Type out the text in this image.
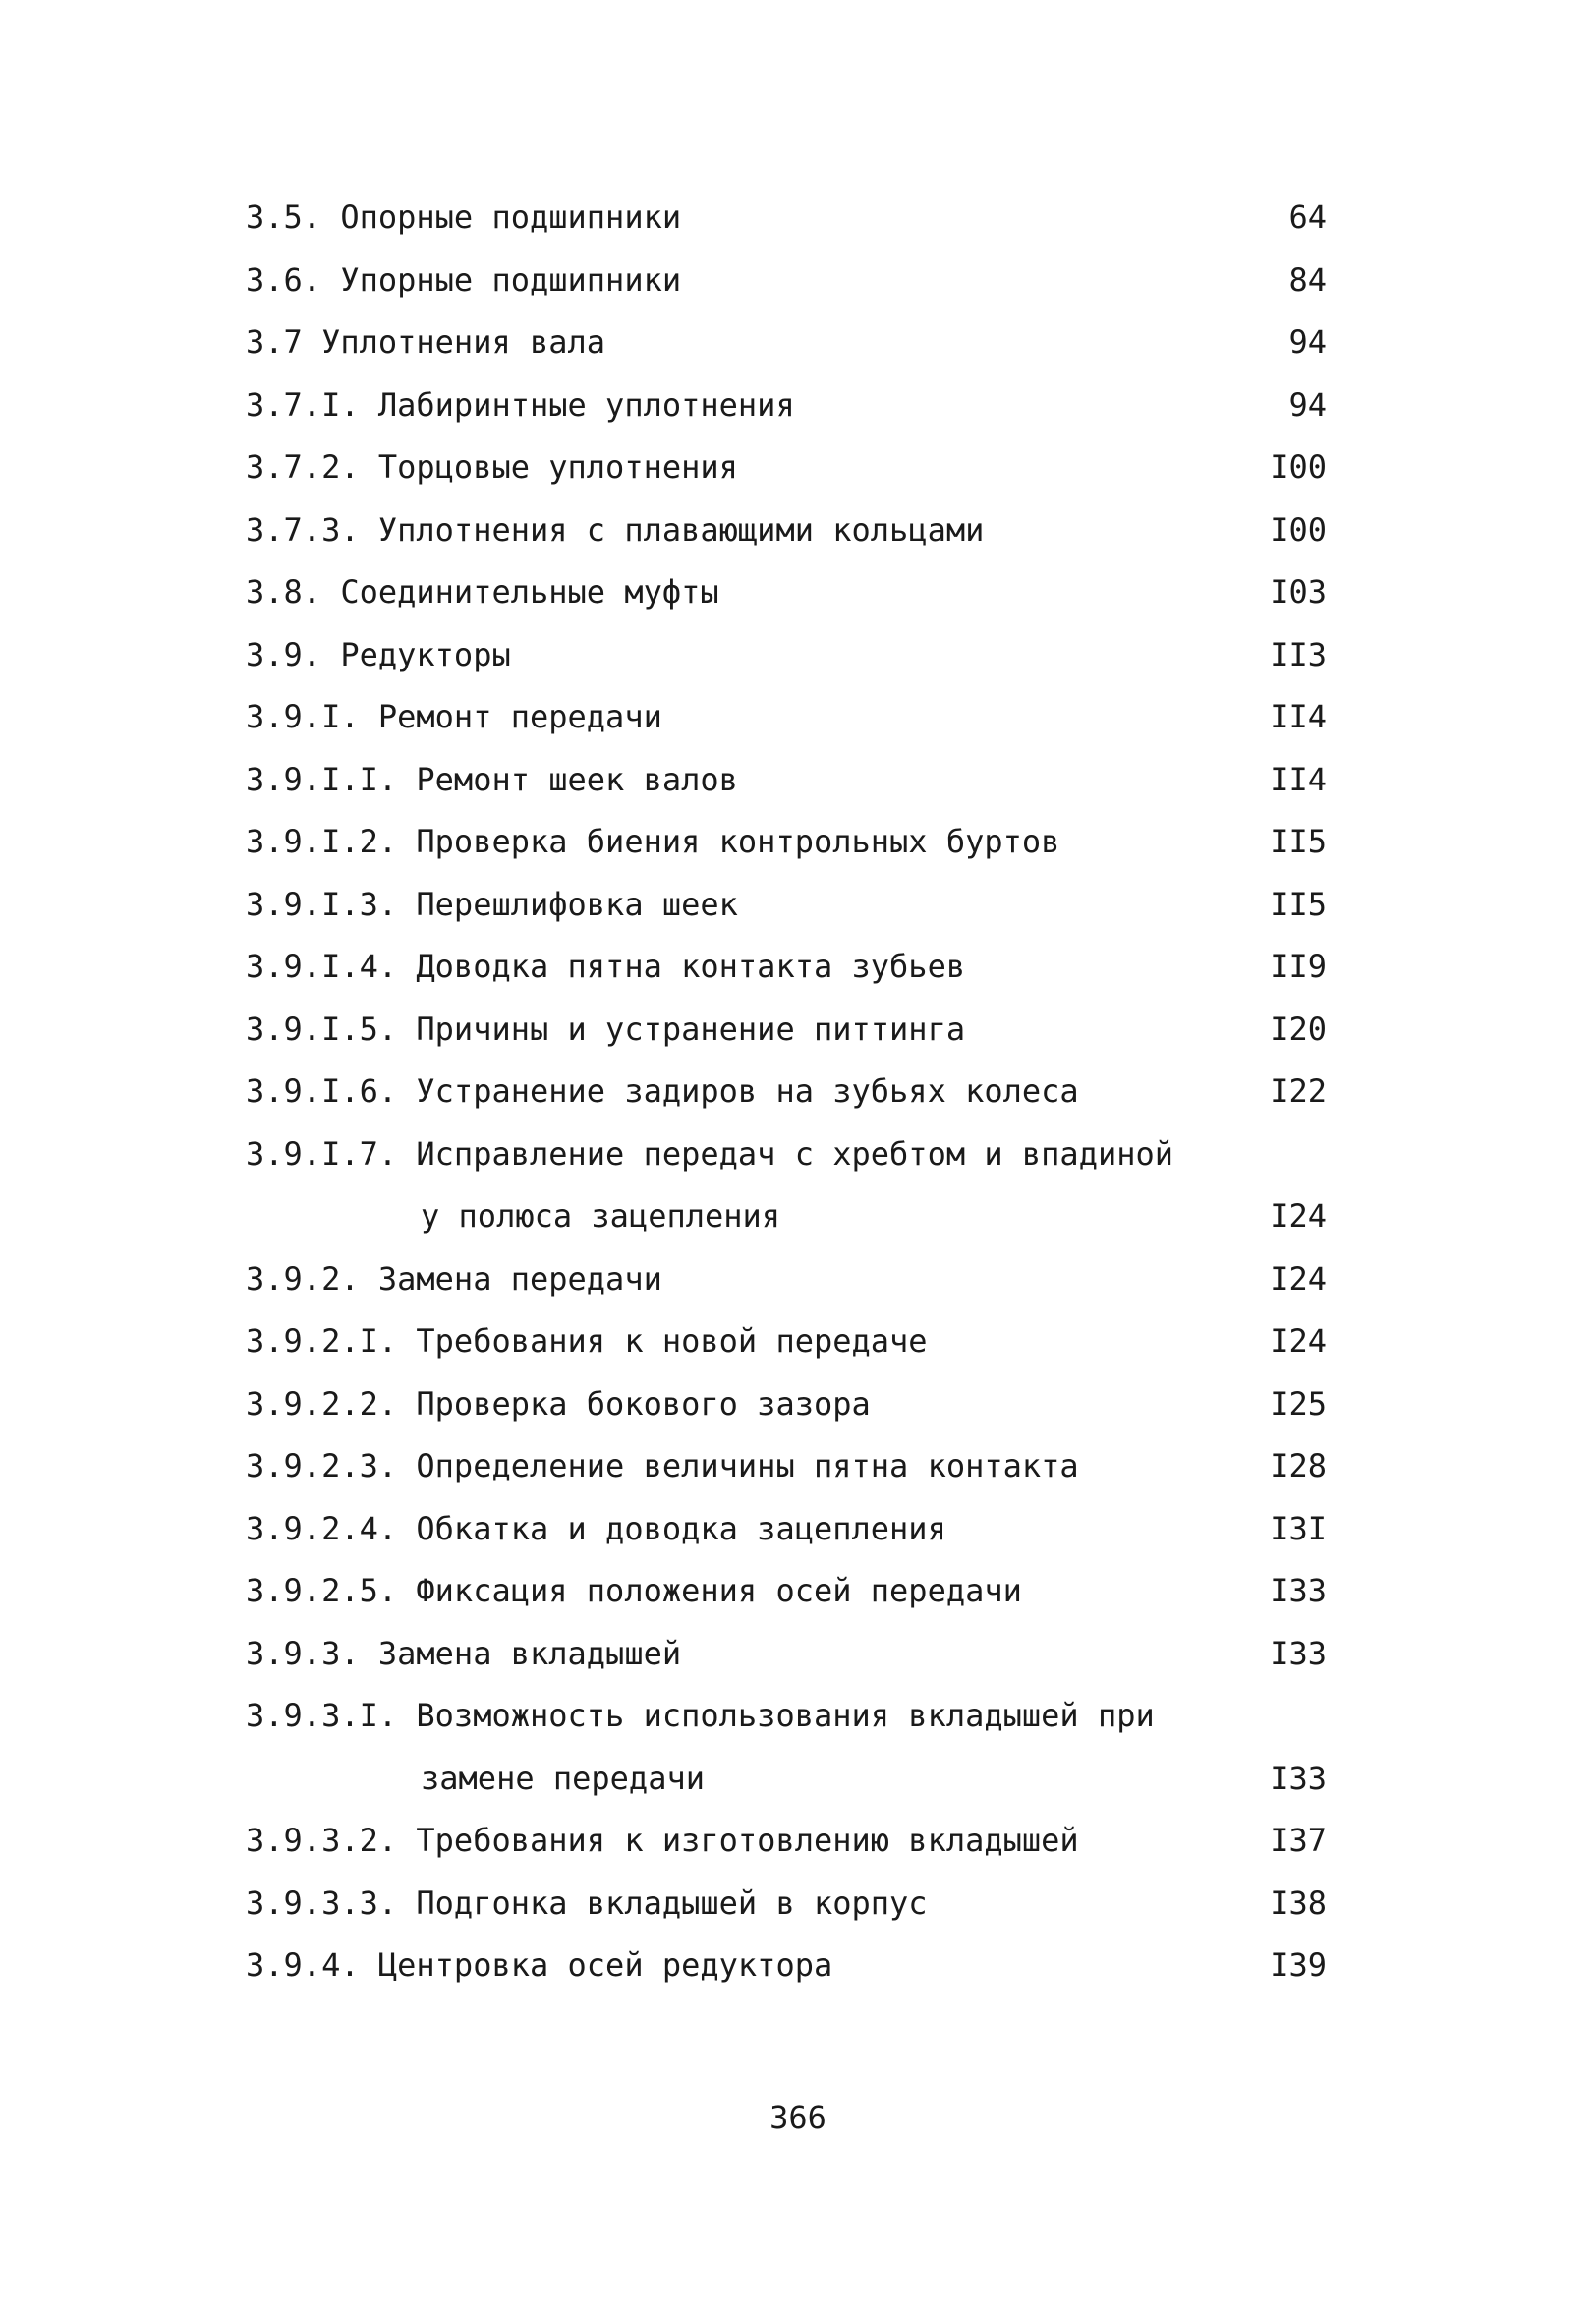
3.5. Опорные подшипники	64
3.6. Упорные подшипники	84
3.7 Уплотнения вала	94
3.7.I. Лабиринтные уплотнения	94
3.7.2. Торцовые уплотнения	I00
3.7.3. Уплотнения с плавающими кольцами	I00
3.8. Соединительные муфты	I03
3.9. Редукторы	II3
3.9.I. Ремонт передачи	II4
3.9.I.I. Ремонт шеек валов	II4
3.9.I.2. Проверка биения контрольных буртов	II5
3.9.I.3. Перешлифовка шеек	II5
3.9.I.4. Доводка пятна контакта зубьев	II9
3.9.I.5. Причины и устранение питтинга	I20
3.9.I.6. Устранение задиров на зубьях колеса	I22
3.9.I.7. Исправление передач с хребтом и впадиной
у полюса зацепления	I24
3.9.2. Замена передачи	I24
3.9.2.I. Требования к новой передаче	I24
3.9.2.2. Проверка бокового зазора	I25
3.9.2.3. Определение величины пятна контакта	I28
3.9.2.4. Обкатка и доводка зацепления	I3I
3.9.2.5. Фиксация положения осей передачи	I33
3.9.3. Замена вкладышей	I33
3.9.3.I. Возможность использования вкладышей при
замене передачи	I33
3.9.3.2. Требования к изготовлению вкладышей	I37
3.9.3.3. Подгонка вкладышей в корпус	I38
3.9.4. Центровка осей редуктора	I39
366
